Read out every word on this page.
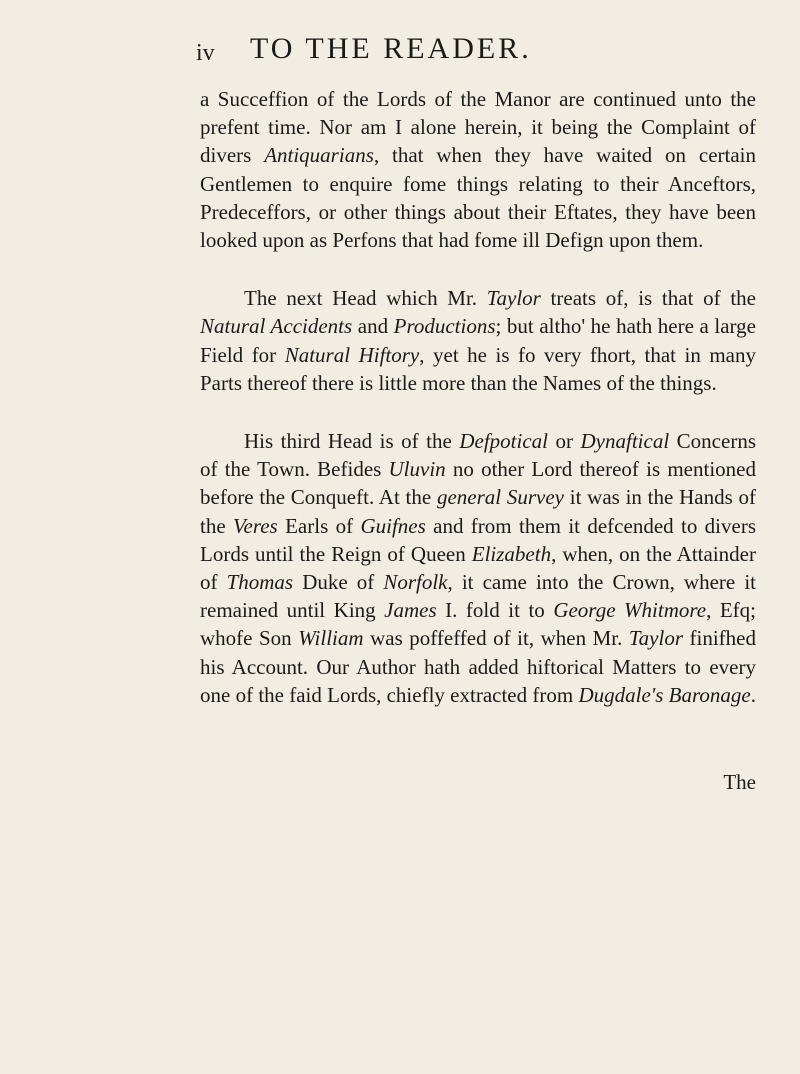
iv TO THE READER.

a Succeffion of the Lords of the Manor are continued unto the prefent time. Nor am I alone herein, it being the Complaint of divers Antiquarians, that when they have waited on certain Gentlemen to enquire fome things relating to their Anceftors, Predeceffors, or other things about their Eftates, they have been looked upon as Perfons that had fome ill Defign upon them.

The next Head which Mr. Taylor treats of, is that of the Natural Accidents and Productions; but altho' he hath here a large Field for Natural Hiftory, yet he is fo very fhort, that in many Parts thereof there is little more than the Names of the things.

His third Head is of the Defpotical or Dynaftical Concerns of the Town. Befides Uluvin no other Lord thereof is mentioned before the Conqueft. At the general Survey it was in the Hands of the Veres Earls of Guifnes and from them it defcended to divers Lords until the Reign of Queen Elizabeth, when, on the Attainder of Thomas Duke of Norfolk, it came into the Crown, where it remained until King James I. fold it to George Whitmore, Efq; whofe Son William was poffeffed of it, when Mr. Taylor finifhed his Account. Our Author hath added hiftorical Matters to every one of the faid Lords, chiefly extracted from Dugdale's Baronage.

The
